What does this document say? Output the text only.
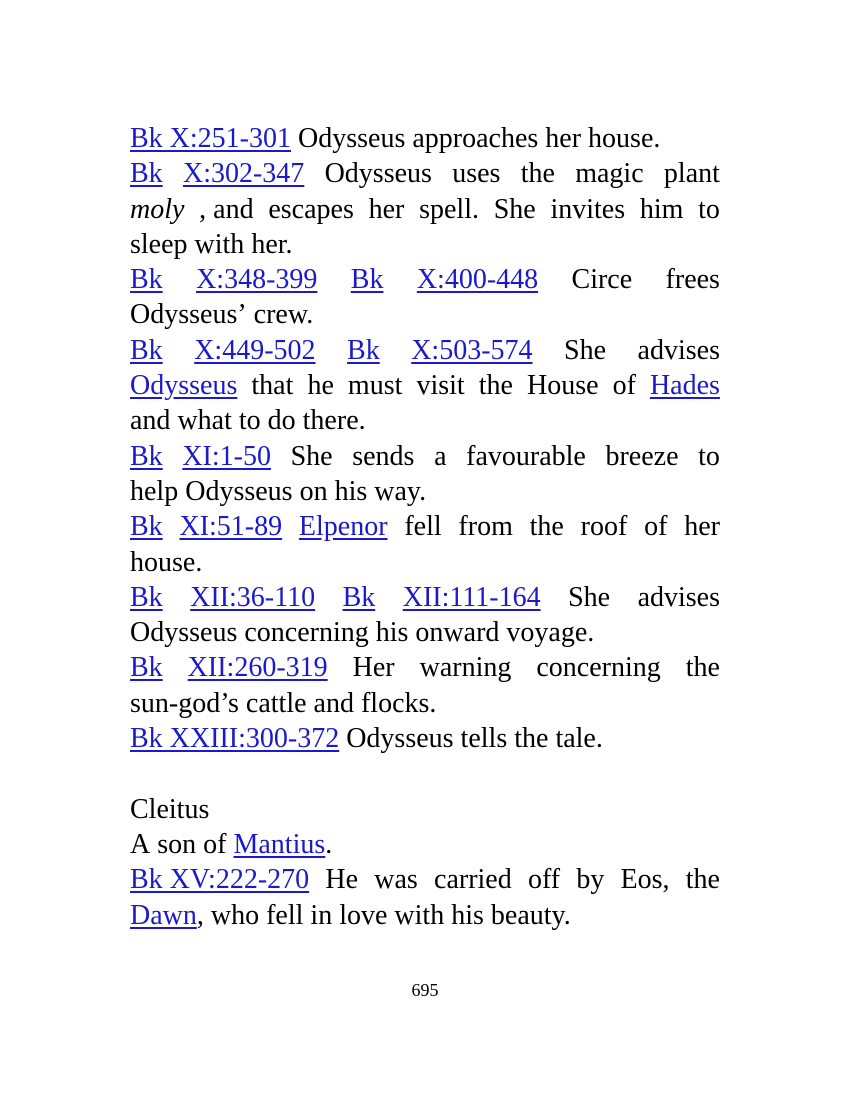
Bk X:251-301 Odysseus approaches her house.
Bk X:302-347 Odysseus uses the magic plant
moly , and escapes her spell. She invites him to
sleep with her.
Bk X:348-399 Bk X:400-448 Circe frees
Odysseus’ crew.
Bk X:449-502 Bk X:503-574 She advises
Odysseus that he must visit the House of Hades
and what to do there.
Bk XI:1-50 She sends a favourable breeze to
help Odysseus on his way.
Bk XI:51-89 Elpenor fell from the roof of her
house.
Bk XII:36-110 Bk XII:111-164 She advises
Odysseus concerning his onward voyage.
Bk XII:260-319 Her warning concerning the
sun-god’s cattle and flocks.
Bk XXIII:300-372 Odysseus tells the tale.
Cleitus
A son of Mantius .
Bk XV:222-270 He was carried off by Eos, the
Dawn , who fell in love with his beauty.
695
